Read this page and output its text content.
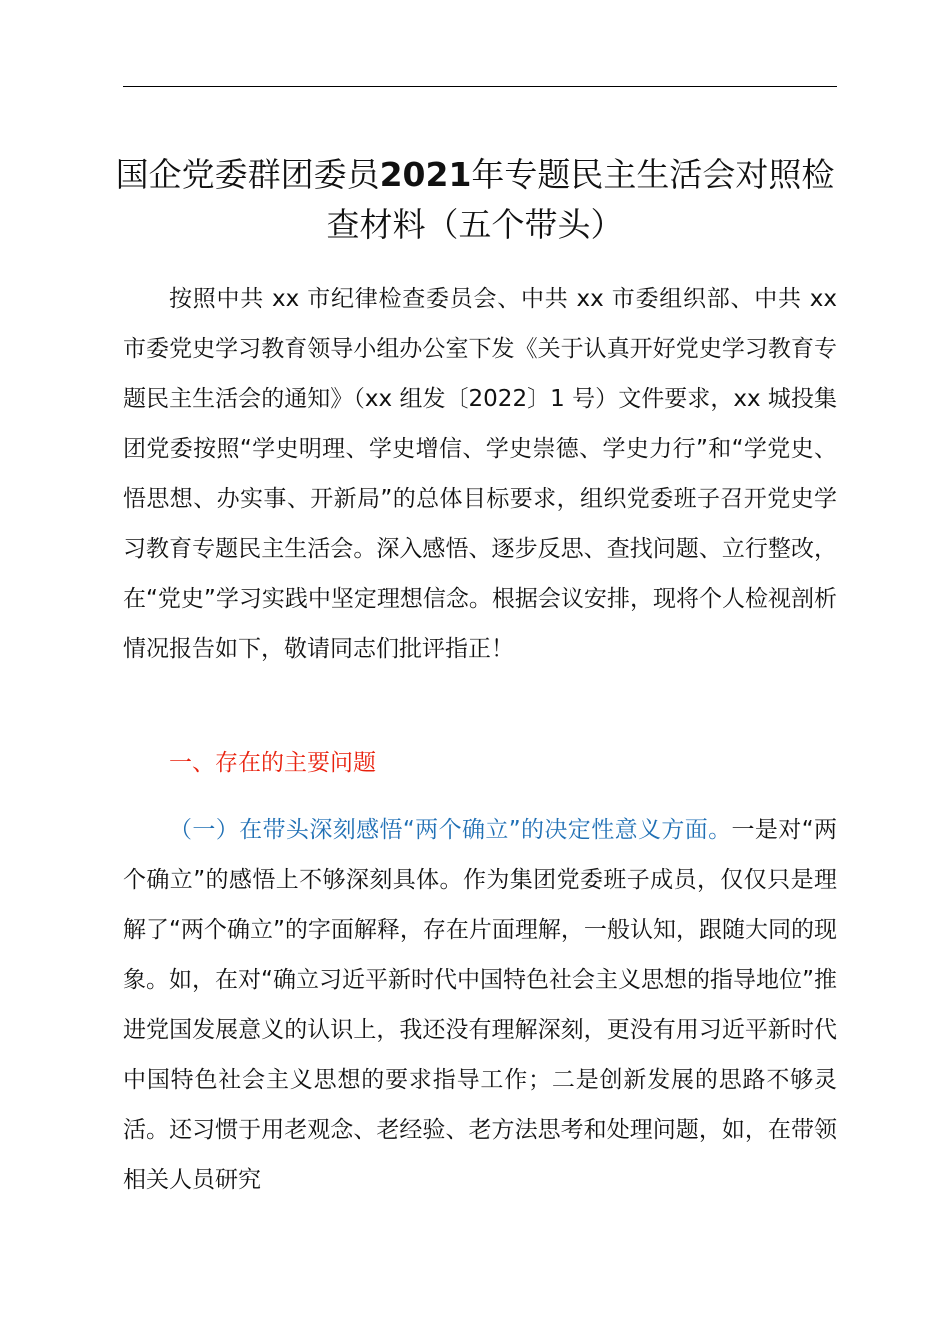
国企党委群团委员2021年专题民主生活会对照检查材料（五个带头）

按照中共 xx 市纪律检查委员会、中共 xx 市委组织部、中共 xx 市委党史学习教育领导小组办公室下发《关于认真开好党史学习教育专题民主生活会的通知》（xx 组发〔2022〕1 号）文件要求，xx 城投集团党委按照“学史明理、学史增信、学史崇德、学史力行”和“学党史、悟思想、办实事、开新局”的总体目标要求，组织党委班子召开党史学习教育专题民主生活会。深入感悟、逐步反思、查找问题、立行整改，在“党史”学习实践中坚定理想信念。根据会议安排，现将个人检视剖析情况报告如下，敬请同志们批评指正！

一、存在的主要问题

（一）在带头深刻感悟“两个确立”的决定性意义方面。一是对“两个确立”的感悟上不够深刻具体。作为集团党委班子成员，仅仅只是理解了“两个确立”的字面解释，存在片面理解，一般认知，跟随大同的现象。如，在对“确立习近平新时代中国特色社会主义思想的指导地位”推进党国发展意义的认识上，我还没有理解深刻，更没有用习近平新时代中国特色社会主义思想的要求指导工作；二是创新发展的思路不够灵活。还习惯于用老观念、老经验、老方法思考和处理问题，如，在带领相关人员研究
